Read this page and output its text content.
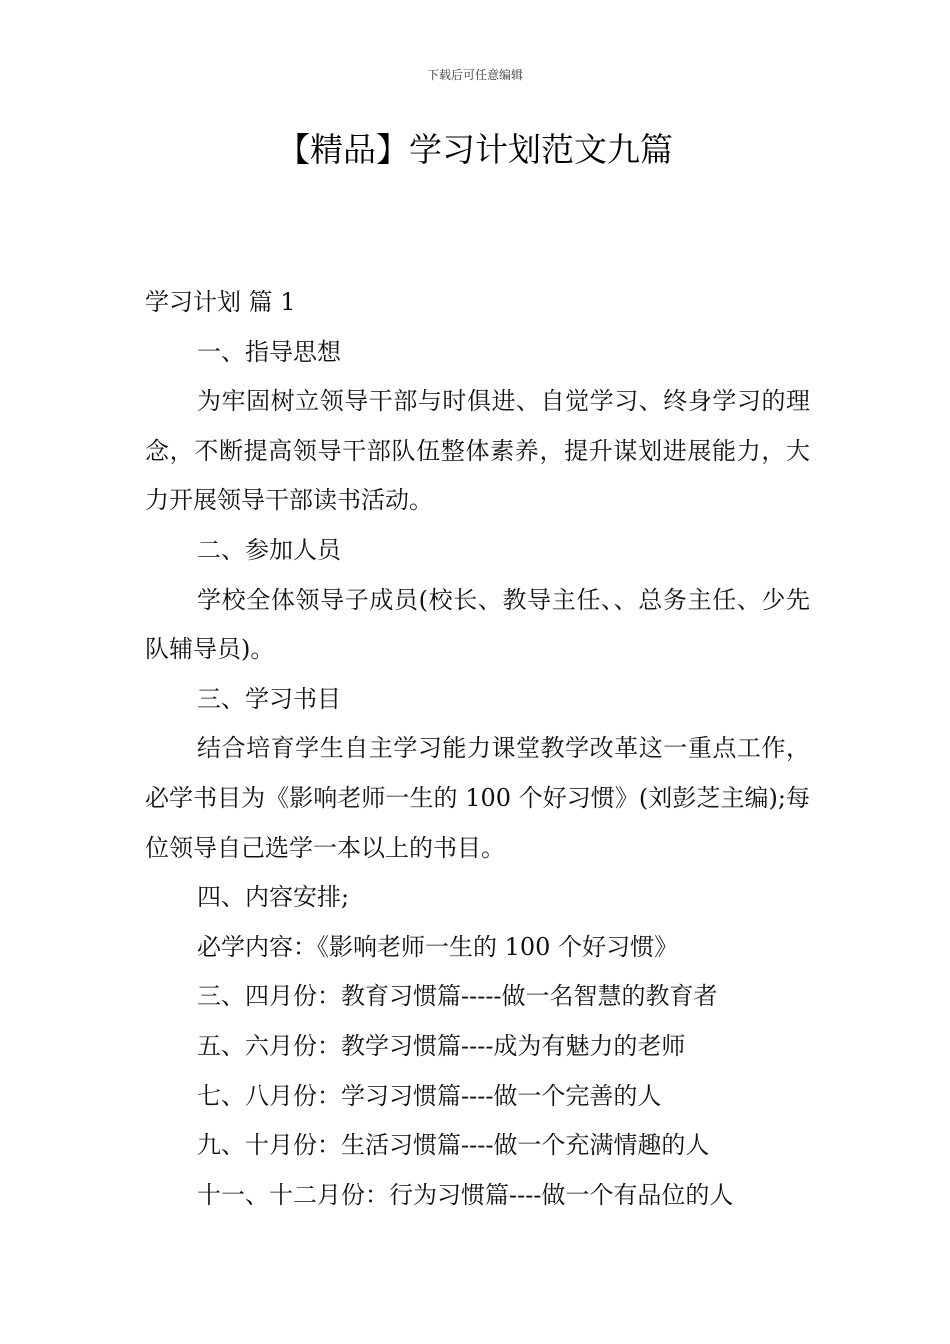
下载后可任意编辑
【精品】学习计划范文九篇

学习计划 篇 1

一、指导思想

为牢固树立领导干部与时俱进、自觉学习、终身学习的理念，不断提高领导干部队伍整体素养，提升谋划进展能力，大力开展领导干部读书活动。

二、参加人员

学校全体领导子成员(校长、教导主任、、总务主任、少先队辅导员)。

三、学习书目

结合培育学生自主学习能力课堂教学改革这一重点工作，必学书目为《影响老师一生的 100 个好习惯》(刘彭芝主编);每位领导自己选学一本以上的书目。

四、内容安排;

必学内容：《影响老师一生的 100 个好习惯》

三、四月份：教育习惯篇-----做一名智慧的教育者

五、六月份：教学习惯篇----成为有魅力的老师

七、八月份：学习习惯篇----做一个完善的人

九、十月份：生活习惯篇----做一个充满情趣的人

十一、十二月份：行为习惯篇----做一个有品位的人
